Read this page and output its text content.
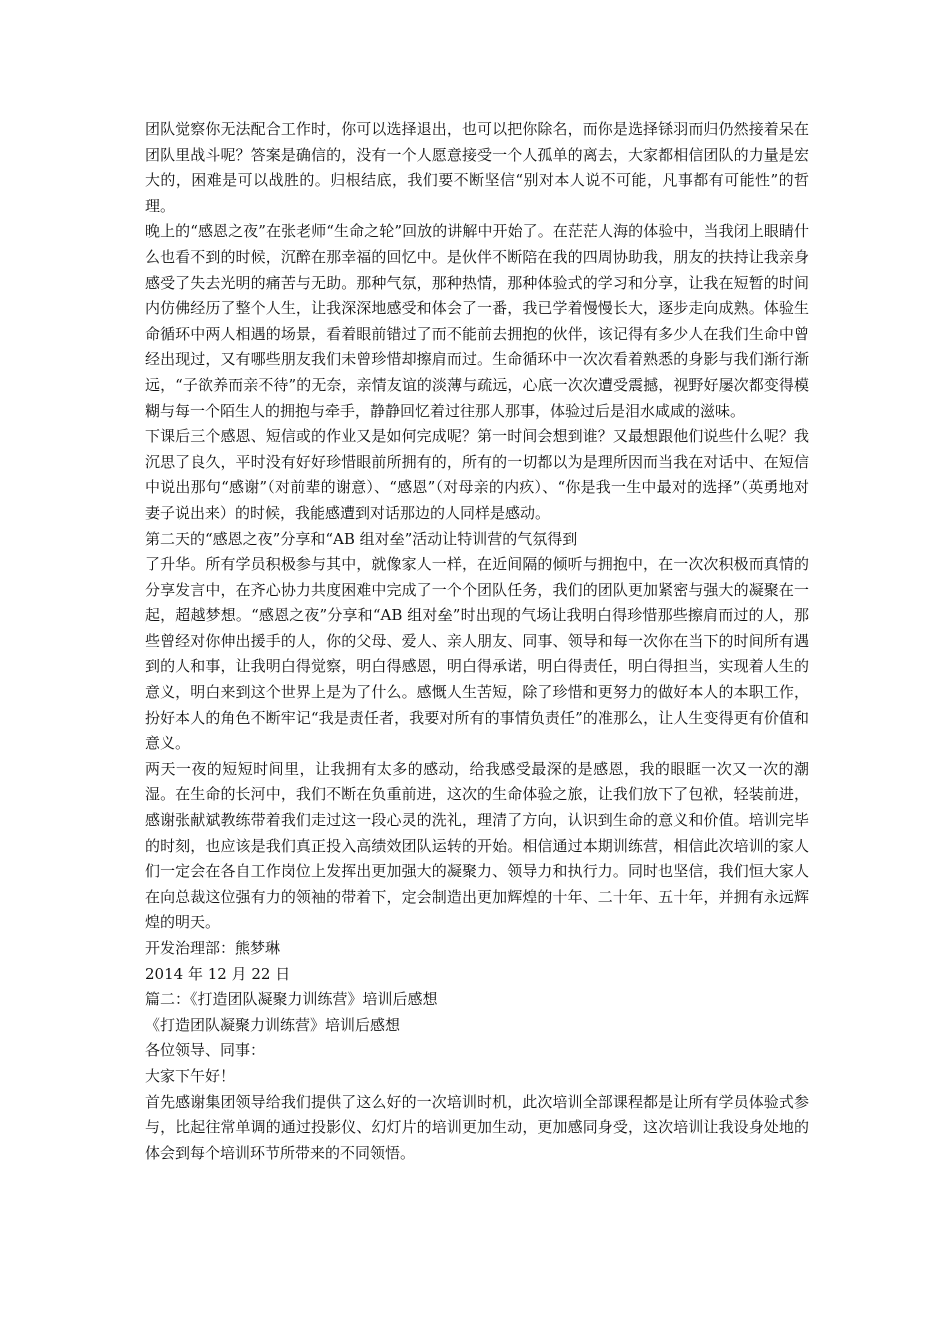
团队觉察你无法配合工作时，你可以选择退出，也可以把你除名，而你是选择铩羽而归仍然接着呆在团队里战斗呢？答案是确信的，没有一个人愿意接受一个人孤单的离去，大家都相信团队的力量是宏大的，困难是可以战胜的。归根结底，我们要不断坚信“别对本人说不可能，凡事都有可能性”的哲理。

晚上的“感恩之夜”在张老师“生命之轮”回放的讲解中开始了。在茫茫人海的体验中，当我闭上眼睛什么也看不到的时候，沉醉在那幸福的回忆中。是伙伴不断陪在我的四周协助我，朋友的扶持让我亲身感受了失去光明的痛苦与无助。那种气氛，那种热情，那种体验式的学习和分享，让我在短暂的时间内仿佛经历了整个人生，让我深深地感受和体会了一番，我已学着慢慢长大，逐步走向成熟。体验生命循环中两人相遇的场景，看着眼前错过了而不能前去拥抱的伙伴，该记得有多少人在我们生命中曾经出现过，又有哪些朋友我们未曾珍惜却擦肩而过。生命循环中一次次看着熟悉的身影与我们渐行渐远，“子欲养而亲不待”的无奈，亲情友谊的淡薄与疏远，心底一次次遭受震撼，视野好屡次都变得模糊与每一个陌生人的拥抱与牵手，静静回忆着过往那人那事，体验过后是泪水咸咸的滋味。

下课后三个感恩、短信或的作业又是如何完成呢？第一时间会想到谁？又最想跟他们说些什么呢？我沉思了良久，平时没有好好珍惜眼前所拥有的，所有的一切都以为是理所因而当我在对话中、在短信中说出那句“感谢”（对前辈的谢意）、“感恩”（对母亲的内疚）、“你是我一生中最对的选择”（英勇地对妻子说出来）的时候，我能感遭到对话那边的人同样是感动。

第二天的“感恩之夜”分享和“AB 组对垒”活动让特训营的气氛得到

了升华。所有学员积极参与其中，就像家人一样，在近间隔的倾听与拥抱中，在一次次积极而真情的分享发言中，在齐心协力共度困难中完成了一个个团队任务，我们的团队更加紧密与强大的凝聚在一起，超越梦想。“感恩之夜”分享和“AB 组对垒”时出现的气场让我明白得珍惜那些擦肩而过的人，那些曾经对你伸出援手的人，你的父母、爱人、亲人朋友、同事、领导和每一次你在当下的时间所有遇到的人和事，让我明白得觉察，明白得感恩，明白得承诺，明白得责任，明白得担当，实现着人生的意义，明白来到这个世界上是为了什么。感慨人生苦短，除了珍惜和更努力的做好本人的本职工作，扮好本人的角色不断牢记“我是责任者，我要对所有的事情负责任”的准那么，让人生变得更有价值和意义。

两天一夜的短短时间里，让我拥有太多的感动，给我感受最深的是感恩，我的眼眶一次又一次的潮湿。在生命的长河中，我们不断在负重前进，这次的生命体验之旅，让我们放下了包袱，轻装前进，感谢张献斌教练带着我们走过这一段心灵的洗礼，理清了方向，认识到生命的意义和价值。培训完毕的时刻，也应该是我们真正投入高绩效团队运转的开始。相信通过本期训练营，相信此次培训的家人们一定会在各自工作岗位上发挥出更加强大的凝聚力、领导力和执行力。同时也坚信，我们恒大家人在向总裁这位强有力的领袖的带着下，定会制造出更加辉煌的十年、二十年、五十年，并拥有永远辉煌的明天。

开发治理部：熊梦琳

2014 年 12 月 22 日

篇二：《打造团队凝聚力训练营》培训后感想

《打造团队凝聚力训练营》培训后感想

各位领导、同事：

大家下午好！

首先感谢集团领导给我们提供了这么好的一次培训时机，此次培训全部课程都是让所有学员体验式参与，比起往常单调的通过投影仪、幻灯片的培训更加生动，更加感同身受，这次培训让我设身处地的体会到每个培训环节所带来的不同领悟。
